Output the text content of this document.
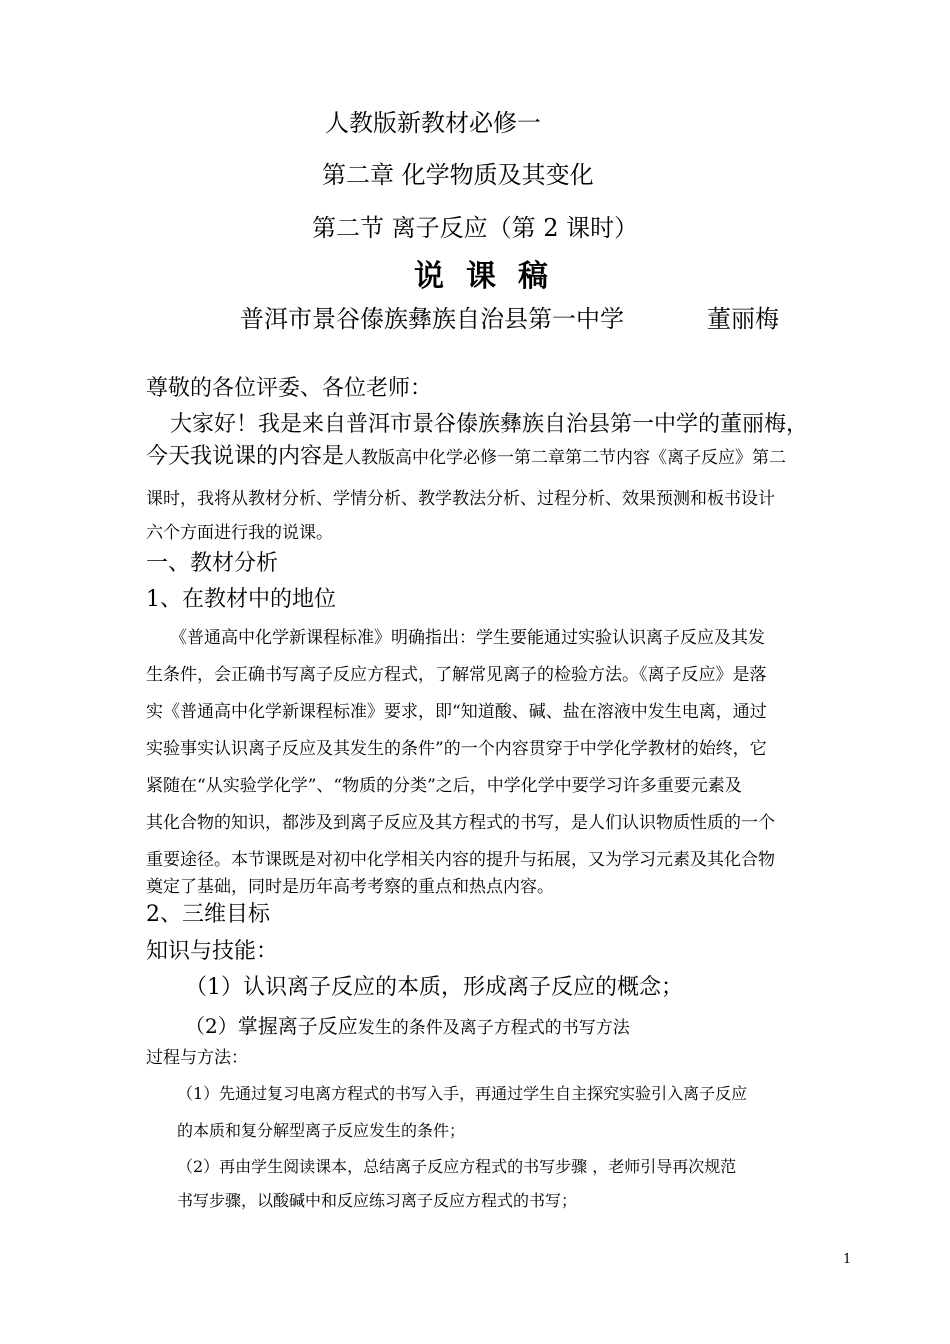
人教版新教材必修一
第二章 化学物质及其变化
第二节 离子反应（第 2 课时）
说课稿
普洱市景谷傣族彝族自治县第一中学	董丽梅
尊敬的各位评委、各位老师：
大家好！我是来自普洱市景谷傣族彝族自治县第一中学的董丽梅，
今天我说课的内容是人教版高中化学必修一第二章第二节内容《离子反应》第二
课时，我将从教材分析、学情分析、教学教法分析、过程分析、效果预测和板书设计
六个方面进行我的说课。
一、教材分析
1、在教材中的地位
《普通高中化学新课程标准》明确指出：学生要能通过实验认识离子反应及其发
生条件，会正确书写离子反应方程式，了解常见离子的检验方法。《离子反应》是落
实《普通高中化学新课程标准》要求，即“知道酸、碱、盐在溶液中发生电离，通过
实验事实认识离子反应及其发生的条件”的一个内容贯穿于中学化学教材的始终，它
紧随在“从实验学化学”、“物质的分类”之后，中学化学中要学习许多重要元素及
其化合物的知识，都涉及到离子反应及其方程式的书写，是人们认识物质性质的一个
重要途径。本节课既是对初中化学相关内容的提升与拓展，又为学习元素及其化合物
奠定了基础，同时是历年高考考察的重点和热点内容。
2、三维目标
知识与技能：
（1）认识离子反应的本质，形成离子反应的概念；
（2）掌握离子反应发生的条件及离子方程式的书写方法
过程与方法：
（1）先通过复习电离方程式的书写入手，再通过学生自主探究实验引入离子反应
的本质和复分解型离子反应发生的条件；
（2）再由学生阅读课本，总结离子反应方程式的书写步骤 ，老师引导再次规范
书写步骤，以酸碱中和反应练习离子反应方程式的书写；
1
